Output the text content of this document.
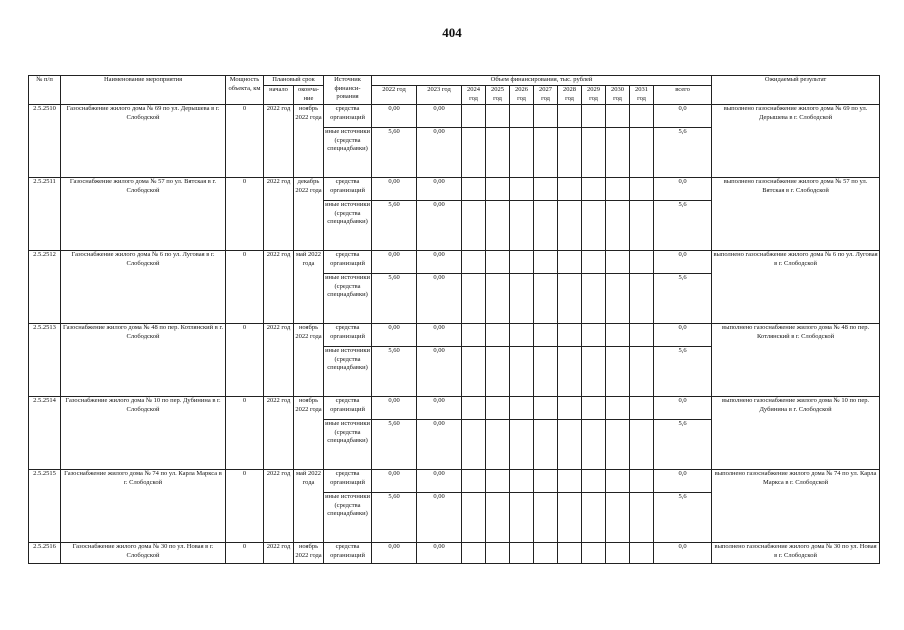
404
№ п/п	Наименование мероприятия	Мощность объекта, км	Плановый срок		Источник финанси-рования	Объем финансирования, тыс. рублей											Ожидаемый результат
			начало	оконча-ние		2022 год	2023 год	2024 год	2025 год	2026 год	2027 год	2028 год	2029 год	2030 год	2031 год	всего	
2.5.2510	Газоснабжение жилого дома № 69 по ул. Дерышева в г. Слободской	0	2022 год	ноябрь 2022 года	средства организаций	0,00	0,00									0,0	выполнено газоснабжение жилого дома № 69 по ул. Дерышева в г. Слободской
					иные источники (средства спецнадбавки)	5,60	0,00									5,6	
2.5.2511	Газоснабжение жилого дома № 57 по ул. Вятская в г. Слободской	0	2022 год	декабрь 2022 года	средства организаций	0,00	0,00									0,0	выполнено газоснабжение жилого дома № 57 по ул. Вятская в г. Слободской
					иные источники (средства спецнадбавки)	5,60	0,00									5,6	
2.5.2512	Газоснабжение жилого дома № 6 по ул. Луговая в г. Слободской	0	2022 год	май 2022 года	средства организаций	0,00	0,00									0,0	выполнено газоснабжение жилого дома № 6 по ул. Луговая в г. Слободской
					иные источники (средства спецнадбавки)	5,60	0,00									5,6	
2.5.2513	Газоснабжение жилого дома № 48 по пер. Котлянский в г. Слободской	0	2022 год	ноябрь 2022 года	средства организаций	0,00	0,00									0,0	выполнено газоснабжение жилого дома № 48 по пер. Котлянский в г. Слободской
					иные источники (средства спецнадбавки)	5,60	0,00									5,6	
2.5.2514	Газоснабжение жилого дома № 10 по пер. Дубинина в г. Слободской	0	2022 год	ноябрь 2022 года	средства организаций	0,00	0,00									0,0	выполнено газоснабжение жилого дома № 10 по пер. Дубинина в г. Слободской
					иные источники (средства спецнадбавки)	5,60	0,00									5,6	
2.5.2515	Газоснабжение жилого дома № 74 по ул. Карла Маркса в г. Слободской	0	2022 год	май 2022 года	средства организаций	0,00	0,00									0,0	выполнено газоснабжение жилого дома № 74 по ул. Карла Маркса в г. Слободской
					иные источники (средства спецнадбавки)	5,60	0,00									5,6	
2.5.2516	Газоснабжение жилого дома № 30 по ул. Новая в г. Слободской	0	2022 год	ноябрь 2022 года	средства организаций	0,00	0,00									0,0	выполнено газоснабжение жилого дома № 30 по ул. Новая в г. Слободской
